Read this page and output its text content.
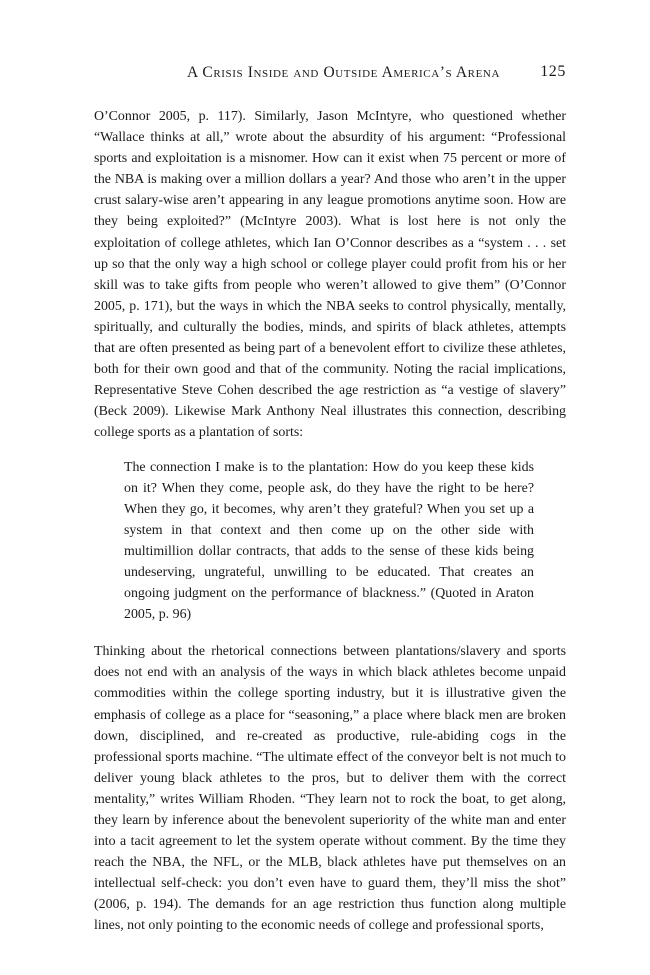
A Crisis Inside and Outside America’s Arena	125

O’Connor 2005, p. 117). Similarly, Jason McIntyre, who questioned whether “Wallace thinks at all,” wrote about the absurdity of his argument: “Professional sports and exploitation is a misnomer. How can it exist when 75 percent or more of the NBA is making over a million dollars a year? And those who aren’t in the upper crust salary-wise aren’t appearing in any league promotions anytime soon. How are they being exploited?” (McIntyre 2003). What is lost here is not only the exploitation of college athletes, which Ian O’Connor describes as a “system . . . set up so that the only way a high school or college player could profit from his or her skill was to take gifts from people who weren’t allowed to give them” (O’Connor 2005, p. 171), but the ways in which the NBA seeks to control physically, mentally, spiritually, and culturally the bodies, minds, and spirits of black athletes, attempts that are often presented as being part of a benevolent effort to civilize these athletes, both for their own good and that of the community. Noting the racial implications, Representative Steve Cohen described the age restriction as “a vestige of slavery” (Beck 2009). Likewise Mark Anthony Neal illustrates this connection, describing college sports as a plantation of sorts:

The connection I make is to the plantation: How do you keep these kids on it? When they come, people ask, do they have the right to be here? When they go, it becomes, why aren’t they grateful? When you set up a system in that context and then come up on the other side with multimillion dollar contracts, that adds to the sense of these kids being undeserving, ungrateful, unwilling to be educated. That creates an ongoing judgment on the performance of blackness.” (Quoted in Araton 2005, p. 96)

Thinking about the rhetorical connections between plantations/slavery and sports does not end with an analysis of the ways in which black athletes become unpaid commodities within the college sporting industry, but it is illustrative given the emphasis of college as a place for “seasoning,” a place where black men are broken down, disciplined, and re-created as productive, rule-abiding cogs in the professional sports machine. “The ultimate effect of the conveyor belt is not much to deliver young black athletes to the pros, but to deliver them with the correct mentality,” writes William Rhoden. “They learn not to rock the boat, to get along, they learn by inference about the benevolent superiority of the white man and enter into a tacit agreement to let the system operate without comment. By the time they reach the NBA, the NFL, or the MLB, black athletes have put themselves on an intellectual self-check: you don’t even have to guard them, they’ll miss the shot” (2006, p. 194). The demands for an age restriction thus function along multiple lines, not only pointing to the economic needs of college and professional sports,
